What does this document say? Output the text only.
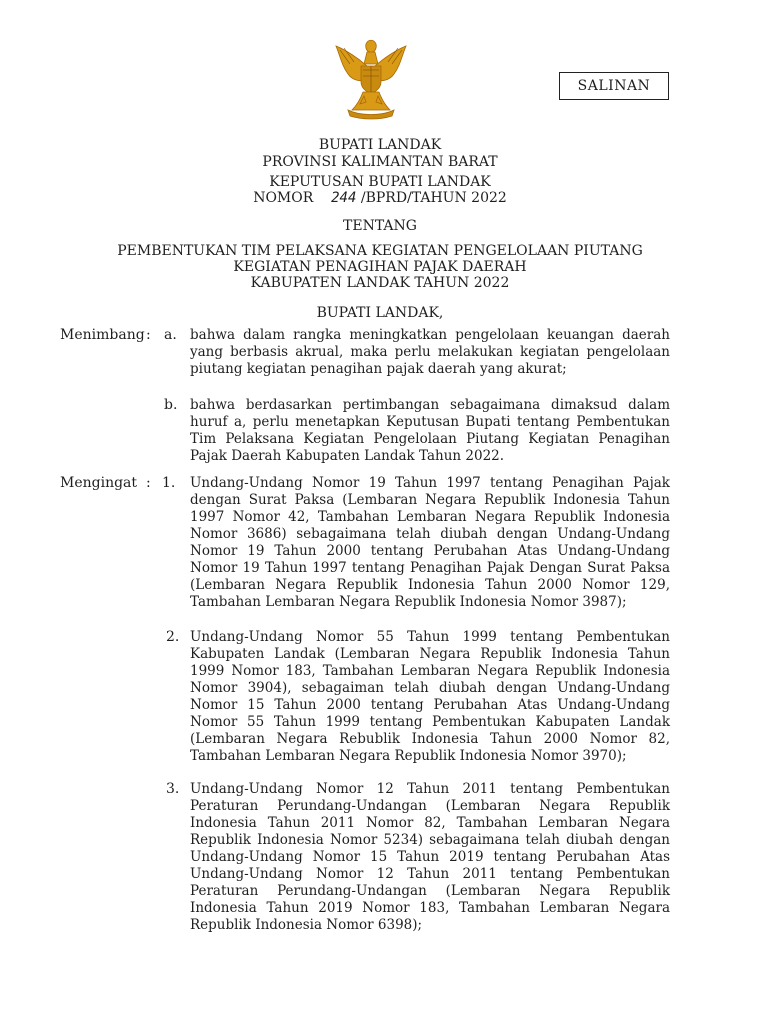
SALINAN
BUPATI LANDAK
PROVINSI KALIMANTAN BARAT
KEPUTUSAN BUPATI LANDAK
NOMOR 244 /BPRD/TAHUN 2022
TENTANG
PEMBENTUKAN TIM PELAKSANA KEGIATAN PENGELOLAAN PIUTANG
KEGIATAN PENAGIHAN PAJAK DAERAH
KABUPATEN LANDAK TAHUN 2022
BUPATI LANDAK,
Menimbang : a. bahwa dalam rangka meningkatkan pengelolaan keuangan daerah yang berbasis akrual, maka perlu melakukan kegiatan pengelolaan piutang kegiatan penagihan pajak daerah yang akurat;

b. bahwa berdasarkan pertimbangan sebagaimana dimaksud dalam huruf a, perlu menetapkan Keputusan Bupati tentang Pembentukan Tim Pelaksana Kegiatan Pengelolaan Piutang Kegiatan Penagihan Pajak Daerah Kabupaten Landak Tahun 2022.

Mengingat : 1. Undang-Undang Nomor 19 Tahun 1997 tentang Penagihan Pajak dengan Surat Paksa (Lembaran Negara Republik Indonesia Tahun 1997 Nomor 42, Tambahan Lembaran Negara Republik Indonesia Nomor 3686) sebagaimana telah diubah dengan Undang-Undang Nomor 19 Tahun 2000 tentang Perubahan Atas Undang-Undang Nomor 19 Tahun 1997 tentang Penagihan Pajak Dengan Surat Paksa (Lembaran Negara Republik Indonesia Tahun 2000 Nomor 129, Tambahan Lembaran Negara Republik Indonesia Nomor 3987);

2. Undang-Undang Nomor 55 Tahun 1999 tentang Pembentukan Kabupaten Landak (Lembaran Negara Republik Indonesia Tahun 1999 Nomor 183, Tambahan Lembaran Negara Republik Indonesia Nomor 3904), sebagaiman telah diubah dengan Undang-Undang Nomor 15 Tahun 2000 tentang Perubahan Atas Undang-Undang Nomor 55 Tahun 1999 tentang Pembentukan Kabupaten Landak (Lembaran Negara Rebublik Indonesia Tahun 2000 Nomor 82, Tambahan Lembaran Negara Republik Indonesia Nomor 3970);

3. Undang-Undang Nomor 12 Tahun 2011 tentang Pembentukan Peraturan Perundang-Undangan (Lembaran Negara Republik Indonesia Tahun 2011 Nomor 82, Tambahan Lembaran Negara Republik Indonesia Nomor 5234) sebagaimana telah diubah dengan Undang-Undang Nomor 15 Tahun 2019 tentang Perubahan Atas Undang-Undang Nomor 12 Tahun 2011 tentang Pembentukan Peraturan Perundang-Undangan (Lembaran Negara Republik Indonesia Tahun 2019 Nomor 183, Tambahan Lembaran Negara Republik Indonesia Nomor 6398);
